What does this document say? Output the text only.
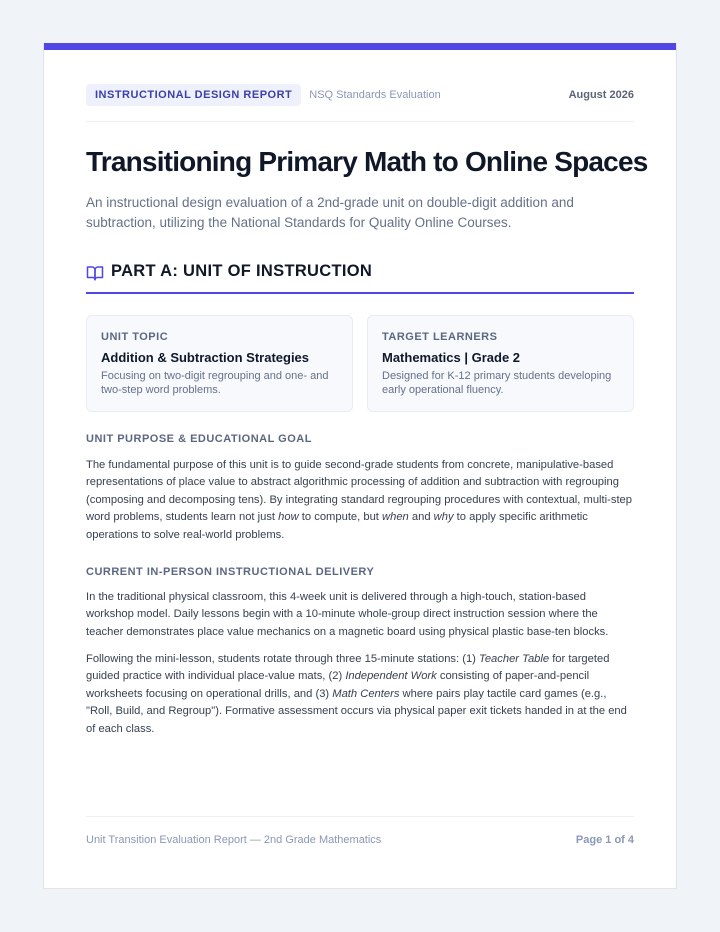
INSTRUCTIONAL DESIGN REPORT	NSQ Standards Evaluation	August 2026
Transitioning Primary Math to Online Spaces

An instructional design evaluation of a 2nd-grade unit on double-digit addition and subtraction, utilizing the National Standards for Quality Online Courses.

PART A: UNIT OF INSTRUCTION
UNIT TOPIC
Addition & Subtraction Strategies
Focusing on two-digit regrouping and one- and two-step word problems.
TARGET LEARNERS
Mathematics | Grade 2
Designed for K-12 primary students developing early operational fluency.
UNIT PURPOSE & EDUCATIONAL GOAL

The fundamental purpose of this unit is to guide second-grade students from concrete, manipulative-based representations of place value to abstract algorithmic processing of addition and subtraction with regrouping (composing and decomposing tens). By integrating standard regrouping procedures with contextual, multi-step word problems, students learn not just how to compute, but when and why to apply specific arithmetic operations to solve real-world problems.

CURRENT IN-PERSON INSTRUCTIONAL DELIVERY

In the traditional physical classroom, this 4-week unit is delivered through a high-touch, station-based workshop model. Daily lessons begin with a 10-minute whole-group direct instruction session where the teacher demonstrates place value mechanics on a magnetic board using physical plastic base-ten blocks.

Following the mini-lesson, students rotate through three 15-minute stations: (1) Teacher Table for targeted guided practice with individual place-value mats, (2) Independent Work consisting of paper-and-pencil worksheets focusing on operational drills, and (3) Math Centers where pairs play tactile card games (e.g., "Roll, Build, and Regroup"). Formative assessment occurs via physical paper exit tickets handed in at the end of each class.

Unit Transition Evaluation Report — 2nd Grade Mathematics	Page 1 of 4
